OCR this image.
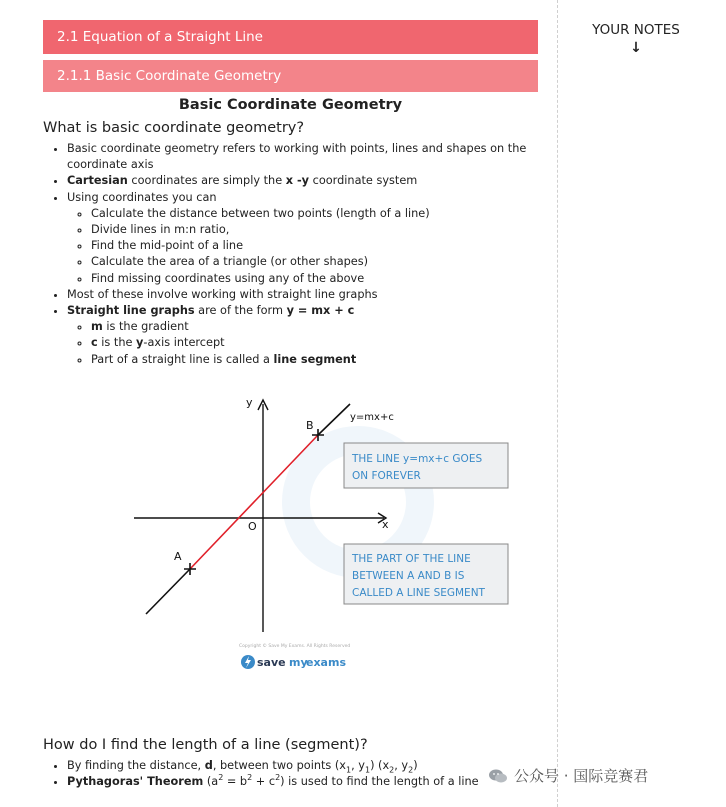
2.1 Equation of a Straight Line
2.1.1 Basic Coordinate Geometry
YOUR NOTES
↓
Basic Coordinate Geometry
What is basic coordinate geometry?
• Basic coordinate geometry refers to working with points, lines and shapes on the coordinate axis
• Cartesian coordinates are simply the x -y coordinate system
• Using coordinates you can
◦ Calculate the distance between two points (length of a line)
◦ Divide lines in m:n ratio,
◦ Find the mid-point of a line
◦ Calculate the area of a triangle (or other shapes)
◦ Find missing coordinates using any of the above
• Most of these involve working with straight line graphs
• Straight line graphs are of the form y = mx + c
◦ m is the gradient
◦ c is the y-axis intercept
◦ Part of a straight line is called a line segment
y
x
O
A
B
y=mx+c
THE LINE y=mx+c GOES
ON FOREVER
THE PART OF THE LINE
BETWEEN A AND B IS
CALLED A LINE SEGMENT
Copyright © Save My Exams. All Rights Reserved
save my
exams
How do I find the length of a line (segment)?
• By finding the distance, d, between two points ($x_1$, $y_1$) ($x_2$, $y_2$)
• Pythagoras' Theorem $(a^2 = b^2 + c^2)$ is used to find the length of a line	公众号 · 国际竞赛君
